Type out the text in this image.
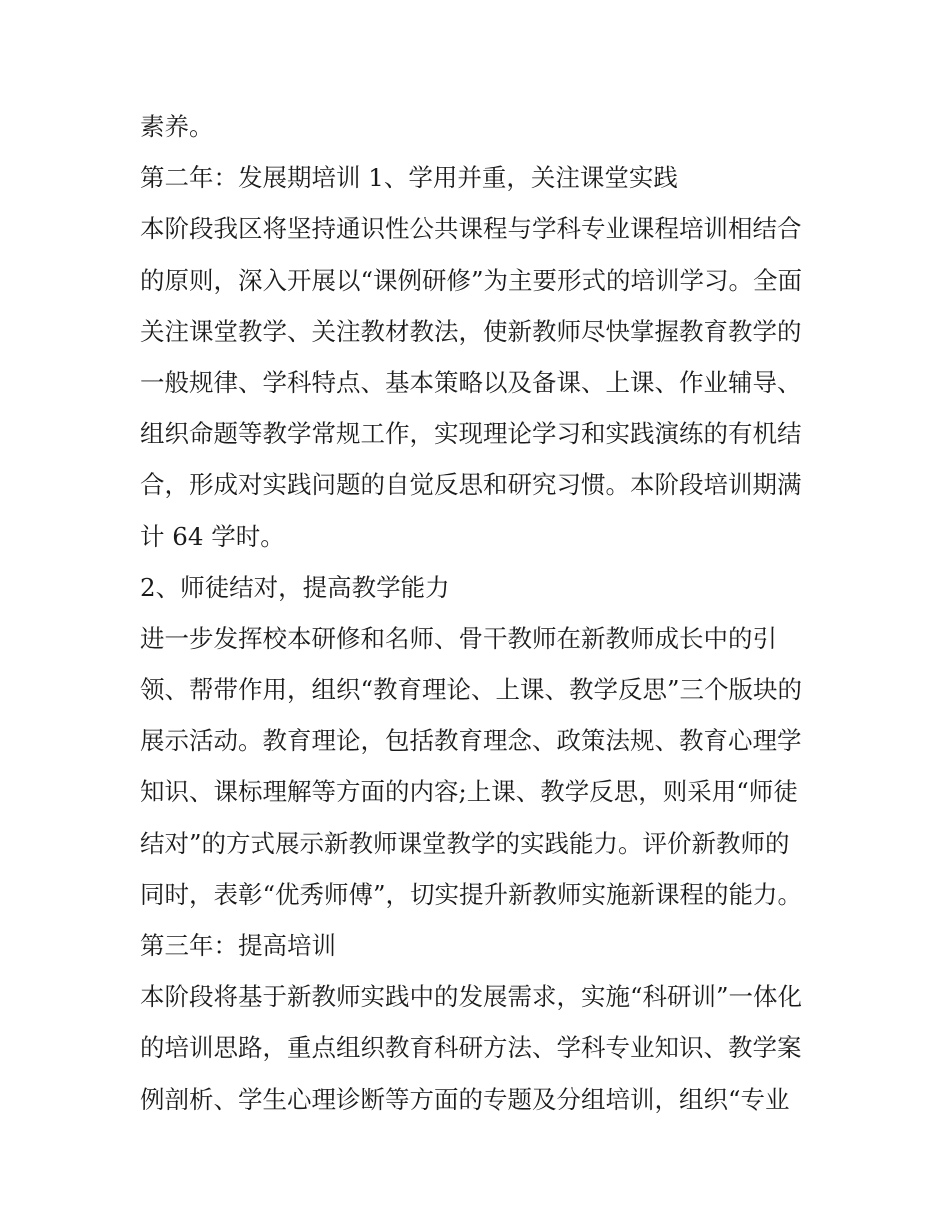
素养。
第二年：发展期培训 1、学用并重，关注课堂实践
本阶段我区将坚持通识性公共课程与学科专业课程培训相结合
的原则，深入开展以“课例研修”为主要形式的培训学习。全面
关注课堂教学、关注教材教法，使新教师尽快掌握教育教学的
一般规律、学科特点、基本策略以及备课、上课、作业辅导、
组织命题等教学常规工作，实现理论学习和实践演练的有机结
合，形成对实践问题的自觉反思和研究习惯。本阶段培训期满
计 64 学时。
2、师徒结对，提高教学能力
进一步发挥校本研修和名师、骨干教师在新教师成长中的引
领、帮带作用，组织“教育理论、上课、教学反思”三个版块的
展示活动。教育理论，包括教育理念、政策法规、教育心理学
知识、课标理解等方面的内容;上课、教学反思，则采用“师徒
结对”的方式展示新教师课堂教学的实践能力。评价新教师的
同时，表彰“优秀师傅”，切实提升新教师实施新课程的能力。
第三年：提高培训
本阶段将基于新教师实践中的发展需求，实施“科研训”一体化
的培训思路，重点组织教育科研方法、学科专业知识、教学案
例剖析、学生心理诊断等方面的专题及分组培训，组织“专业
